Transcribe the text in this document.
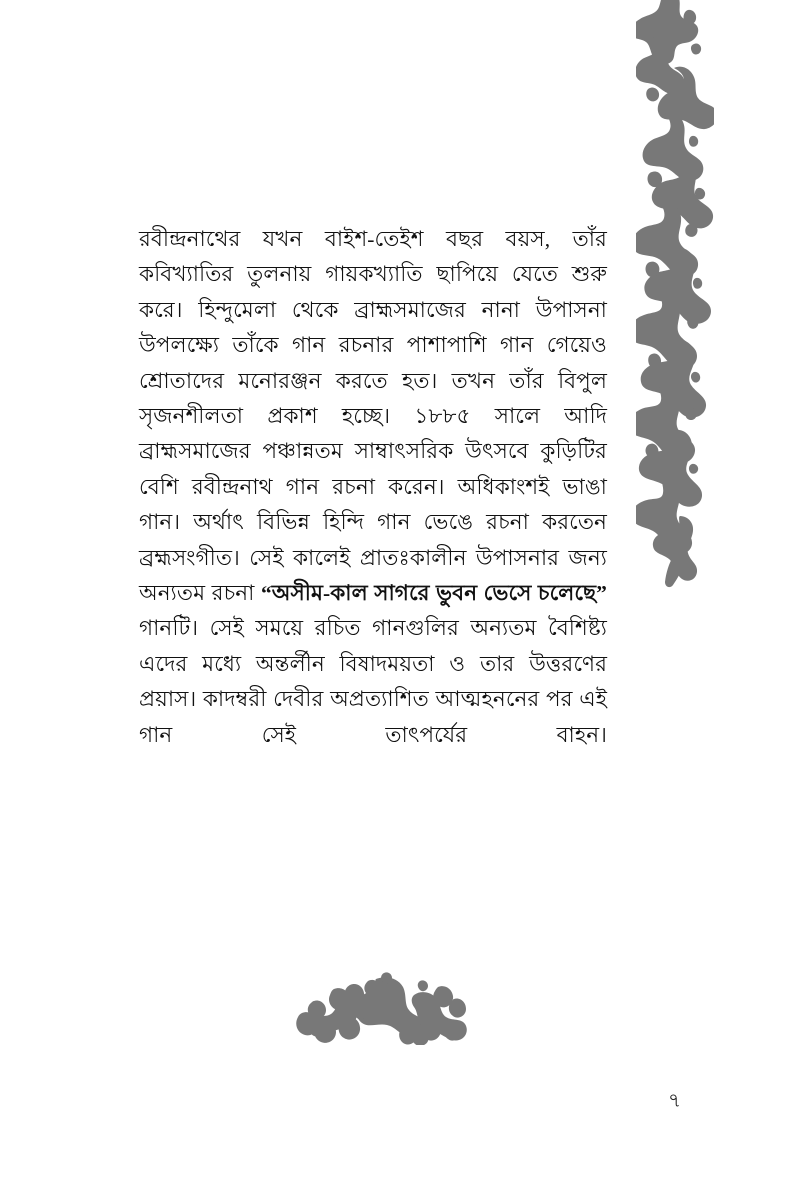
রবীন্দ্রনাথের যখন বাইশ-তেইশ বছর বয়স, তাঁর কবিখ্যাতির তুলনায় গায়কখ্যাতি ছাপিয়ে যেতে শুরু করে। হিন্দুমেলা থেকে ব্রাহ্মসমাজের নানা উপাসনা উপলক্ষ্যে তাঁকে গান রচনার পাশাপাশি গান গেয়েও শ্রোতাদের মনোরঞ্জন করতে হত। তখন তাঁর বিপুল সৃজনশীলতা প্রকাশ হচ্ছে। ১৮৮৫ সালে আদি ব্রাহ্মসমাজের পঞ্চান্নতম সাম্বাৎসরিক উৎসবে কুড়িটির বেশি রবীন্দ্রনাথ গান রচনা করেন। অধিকাংশই ভাঙা গান। অর্থাৎ বিভিন্ন হিন্দি গান ভেঙে রচনা করতেন ব্রহ্মসংগীত। সেই কালেই প্রাতঃকালীন উপাসনার জন্য অন্যতম রচনা “অসীম-কাল সাগরে ভুবন ভেসে চলেছে” গানটি। সেই সময়ে রচিত গানগুলির অন্যতম বৈশিষ্ট্য এদের মধ্যে অন্তর্লীন বিষাদময়তা ও তার উত্তরণের প্রয়াস। কাদম্বরী দেবীর অপ্রত্যাশিত আত্মহননের পর এই গান সেই তাৎপর্যের বাহন।

৭
